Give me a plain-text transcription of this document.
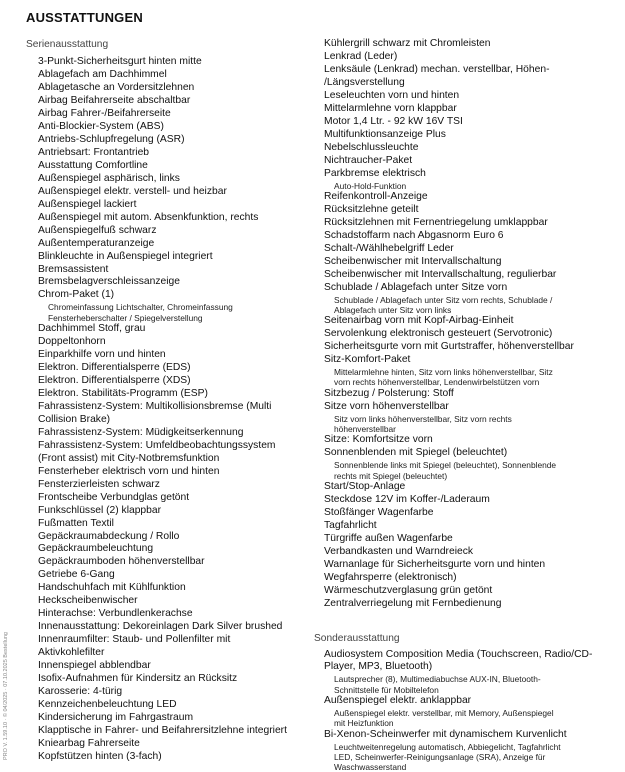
AUSSTATTUNGEN
Serienausstattung
3-Punkt-Sicherheitsgurt hinten mitte
Ablagefach am Dachhimmel
Ablagetasche an Vordersitzlehnen
Airbag Beifahrerseite abschaltbar
Airbag Fahrer-/Beifahrerseite
Anti-Blockier-System (ABS)
Antriebs-Schlupfregelung (ASR)
Antriebsart: Frontantrieb
Ausstattung Comfortline
Außenspiegel asphärisch, links
Außenspiegel elektr. verstell- und heizbar
Außenspiegel lackiert
Außenspiegel mit autom. Absenkfunktion, rechts
Außenspiegelfuß schwarz
Außentemperaturanzeige
Blinkleuchte in Außenspiegel integriert
Bremsassistent
Bremsbelagverschleissanzeige
Chrom-Paket (1)
Chromeinfassung Lichtschalter, Chromeinfassung
Fensterheberschalter / Spiegelverstellung
Dachhimmel Stoff, grau
Doppeltonhorn
Einparkhilfe vorn und hinten
Elektron. Differentialsperre (EDS)
Elektron. Differentialsperre (XDS)
Elektron. Stabilitäts-Programm (ESP)
Fahrassistenz-System: Multikollisionsbremse (Multi
Collision Brake)
Fahrassistenz-System: Müdigkeitserkennung
Fahrassistenz-System: Umfeldbeobachtungssystem
(Front assist) mit City-Notbremsfunktion
Fensterheber elektrisch vorn und hinten
Fensterzierleisten schwarz
Frontscheibe Verbundglas getönt
Funkschlüssel (2) klappbar
Fußmatten Textil
Gepäckraumabdeckung / Rollo
Gepäckraumbeleuchtung
Gepäckraumboden höhenverstellbar
Getriebe 6-Gang
Handschuhfach mit Kühlfunktion
Heckscheibenwischer
Hinterachse: Verbundlenkerachse
Innenausstattung: Dekoreinlagen Dark Silver brushed
Innenraumfilter: Staub- und Pollenfilter mit
Aktivkohlefilter
Innenspiegel abblendbar
Isofix-Aufnahmen für Kindersitz an Rücksitz
Karosserie: 4-türig
Kennzeichenbeleuchtung LED
Kindersicherung im Fahrgastraum
Klapptische in Fahrer- und Beifahrersitzlehne integriert
Kniearbag Fahrerseite
Kopfstützen hinten (3-fach)
Kühlergrill schwarz mit Chromleisten
Lenkrad (Leder)
Lenksäule (Lenkrad) mechan. verstellbar, Höhen-
/Längsverstellung
Leseleuchten vorn und hinten
Mittelarmlehne vorn klappbar
Motor 1,4 Ltr. - 92 kW 16V TSI
Multifunktionsanzeige Plus
Nebelschlussleuchte
Nichtraucher-Paket
Parkbremse elektrisch
Auto-Hold-Funktion
Reifenkontroll-Anzeige
Rücksitzlehne geteilt
Rücksitzlehnen mit Fernentriegelung umklappbar
Schadstoffarm nach Abgasnorm Euro 6
Schalt-/Wählhebelgriff Leder
Scheibenwischer mit Intervallschaltung
Scheibenwischer mit Intervallschaltung, regulierbar
Schublade / Ablagefach unter Sitze vorn
Schublade / Ablagefach unter Sitz vorn rechts, Schublade /
Ablagefach unter Sitz vorn links
Seitenairbag vorn mit Kopf-Airbag-Einheit
Servolenkung elektronisch gesteuert (Servotronic)
Sicherheitsgurte vorn mit Gurtstraffer, höhenverstellbar
Sitz-Komfort-Paket
Mittelarmlehne hinten, Sitz vorn links höhenverstellbar, Sitz
vorn rechts höhenverstellbar, Lendenwirbelstützen vorn
Sitzbezug / Polsterung: Stoff
Sitze vorn höhenverstellbar
Sitz vorn links höhenverstellbar, Sitz vorn rechts
höhenverstellbar
Sitze: Komfortsitze vorn
Sonnenblenden mit Spiegel (beleuchtet)
Sonnenblende links mit Spiegel (beleuchtet), Sonnenblende
rechts mit Spiegel (beleuchtet)
Start/Stop-Anlage
Steckdose 12V im Koffer-/Laderaum
Stoßfänger Wagenfarbe
Tagfahrlicht
Türgriffe außen Wagenfarbe
Verbandkasten und Warndreieck
Warnanlage für Sicherheitsgurte vorn und hinten
Wegfahrsperre (elektronisch)
Wärmeschutzverglasung grün getönt
Zentralverriegelung mit Fernbedienung
Sonderausstattung
Audiosystem Composition Media (Touchscreen, Radio/CD-
Player, MP3, Bluetooth)
Lautsprecher (8), Multimediabuchse AUX-IN, Bluetooth-
Schnittstelle für Mobiltelefon
Außenspiegel elektr. anklappbar
Außenspiegel elektr. verstellbar, mit Memory, Außenspiegel
mit Heizfunktion
Bi-Xenon-Scheinwerfer mit dynamischem Kurvenlicht
Leuchtweitenregelung automatisch, Abbiegelicht, Tagfahrlicht
LED, Scheinwerfer-Reinigungsanlage (SRA), Anzeige für
Waschwasserstand
PRO V. 1.59.10 · © 04/2025 · 07.10.2025 Bestellung
